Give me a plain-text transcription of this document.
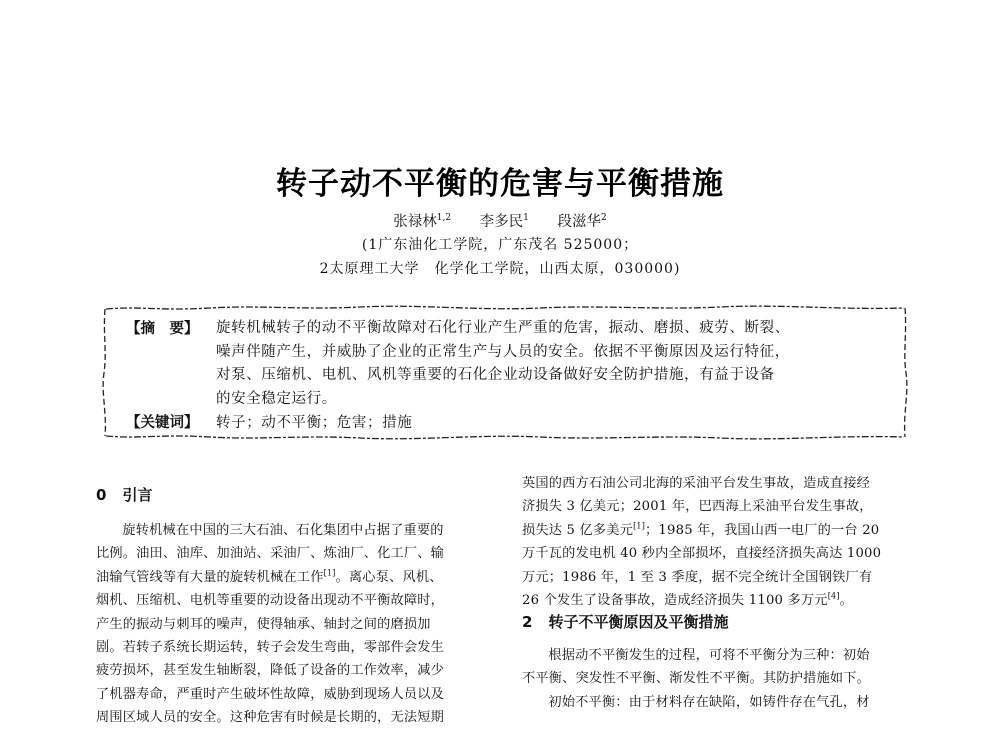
转子动不平衡的危害与平衡措施
张禄林$^{1,2}$ 李多民$^1$ 段滋华$^2$
(1广东油化工学院，广东茂名 525000；
2太原理工大学　化学化工学院，山西太原，030000)
【摘　要】 旋转机械转子的动不平衡故障对石化行业产生严重的危害，振动、磨损、疲劳、断裂、
噪声伴随产生，并威胁了企业的正常生产与人员的安全。依据不平衡原因及运行特征，
对泵、压缩机、电机、风机等重要的石化企业动设备做好安全防护措施，有益于设备
的安全稳定运行。
【关键词】 转子；动不平衡；危害；措施
0 引言

旋转机械在中国的三大石油、石化集团中占据了重要的

比例。油田、油库、加油站、采油厂、炼油厂、化工厂、输

油输气管线等有大量的旋转机械在工作[1]。离心泵、风机、

烟机、压缩机、电机等重要的动设备出现动不平衡故障时，

产生的振动与刺耳的噪声，使得轴承、轴封之间的磨损加

剧。若转子系统长期运转，转子会发生弯曲，零部件会发生

疲劳损坏，甚至发生轴断裂，降低了设备的工作效率，减少

了机器寿命，严重时产生破坏性故障，威胁到现场人员以及

周围区域人员的安全。这种危害有时候是长期的，无法短期

英国的西方石油公司北海的采油平台发生事故，造成直接经

济损失 3 亿美元；2001 年，巴西海上采油平台发生事故，

损失达 5 亿多美元[1]；1985 年，我国山西一电厂的一台 20

万千瓦的发电机 40 秒内全部损坏，直接经济损失高达 1000

万元；1986 年，1 至 3 季度，据不完全统计全国钢铁厂有

26 个发生了设备事故，造成经济损失 1100 多万元[4]。

2 转子不平衡原因及平衡措施

根据动不平衡发生的过程，可将不平衡分为三种：初始

不平衡、突发性不平衡、渐发性不平衡。其防护措施如下。

初始不平衡：由于材料存在缺陷，如铸件存在气孔，材
